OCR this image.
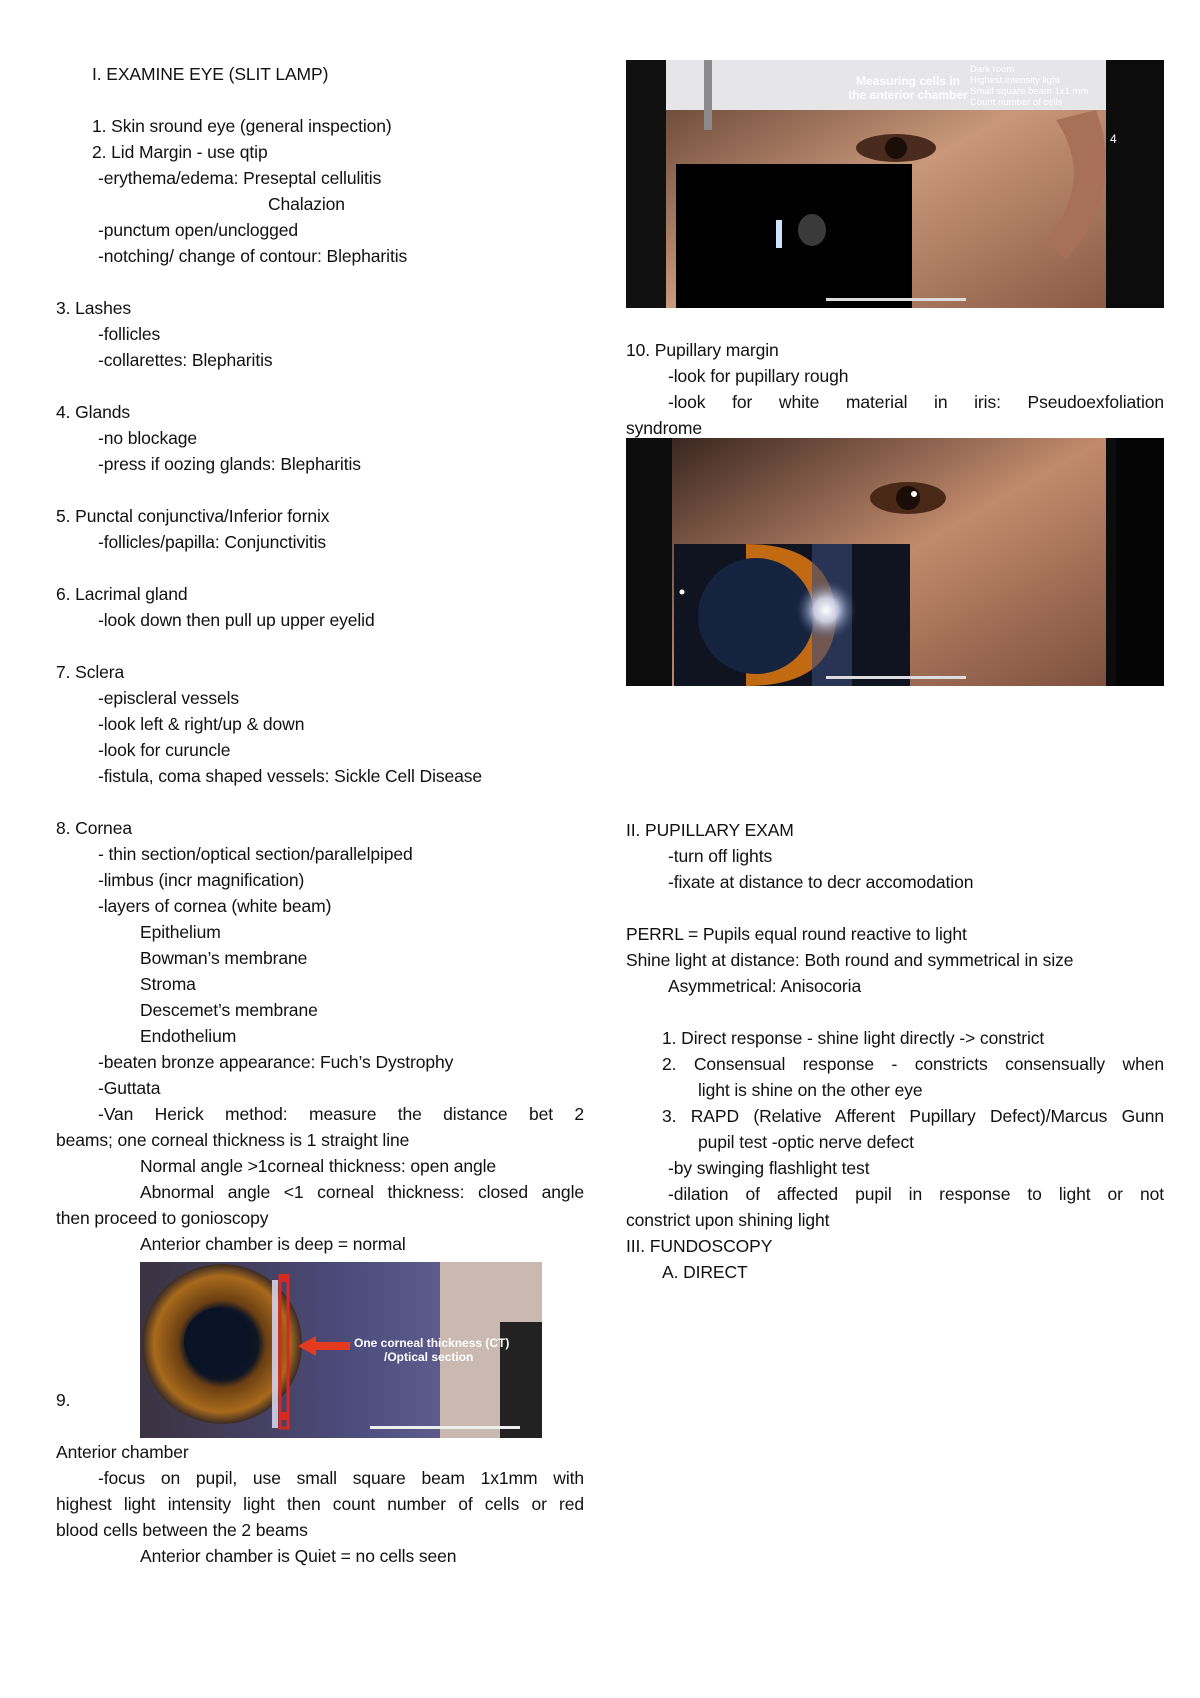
I. EXAMINE EYE (SLIT LAMP)
1. Skin sround eye (general inspection)
2. Lid Margin - use qtip
-erythema/edema: Preseptal cellulitis
Chalazion
-punctum open/unclogged
-notching/ change of contour: Blepharitis
3. Lashes
-follicles
-collarettes: Blepharitis
4. Glands
-no blockage
-press if oozing glands: Blepharitis
5. Punctal conjunctiva/Inferior fornix
-follicles/papilla: Conjunctivitis
6. Lacrimal gland
-look down then pull up upper eyelid
7. Sclera
-episcleral vessels
-look left & right/up & down
-look for curuncle
-fistula, coma shaped vessels: Sickle Cell Disease
8. Cornea
- thin section/optical section/parallelpiped
-limbus (incr magnification)
-layers of cornea (white beam)
Epithelium
Bowman’s membrane
Stroma
Descemet’s membrane
Endothelium
-beaten bronze appearance: Fuch’s Dystrophy
-Guttata
-Van Herick method: measure the distance bet 2
beams; one corneal thickness is 1 straight line
Normal angle >1corneal thickness: open angle
Abnormal angle <1 corneal thickness: closed angle
then proceed to gonioscopy
Anterior chamber is deep = normal
One corneal thickness (CT)
/Optical section
9.
Anterior chamber
-focus on pupil, use small square beam 1x1mm with
highest light intensity light then count number of cells or red
blood cells between the 2 beams
Anterior chamber is Quiet = no cells seen
Measuring cells in
the anterior chamber
Dark room
Highest intensity light
Small square beam 1x1 mm
Count number of cells
4
10. Pupillary margin
-look for pupillary rough
-look for white material in iris: Pseudoexfoliation
syndrome
II. PUPILLARY EXAM
-turn off lights
-fixate at distance to decr accomodation
PERRL = Pupils equal round reactive to light
Shine light at distance: Both round and symmetrical in size
Asymmetrical: Anisocoria
1. Direct response - shine light directly -> constrict
2. Consensual response - constricts consensually when
light is shine on the other eye
3. RAPD (Relative Afferent Pupillary Defect)/Marcus Gunn
pupil test -optic nerve defect
-by swinging flashlight test
-dilation of affected pupil in response to light or not
constrict upon shining light
III. FUNDOSCOPY
A. DIRECT
